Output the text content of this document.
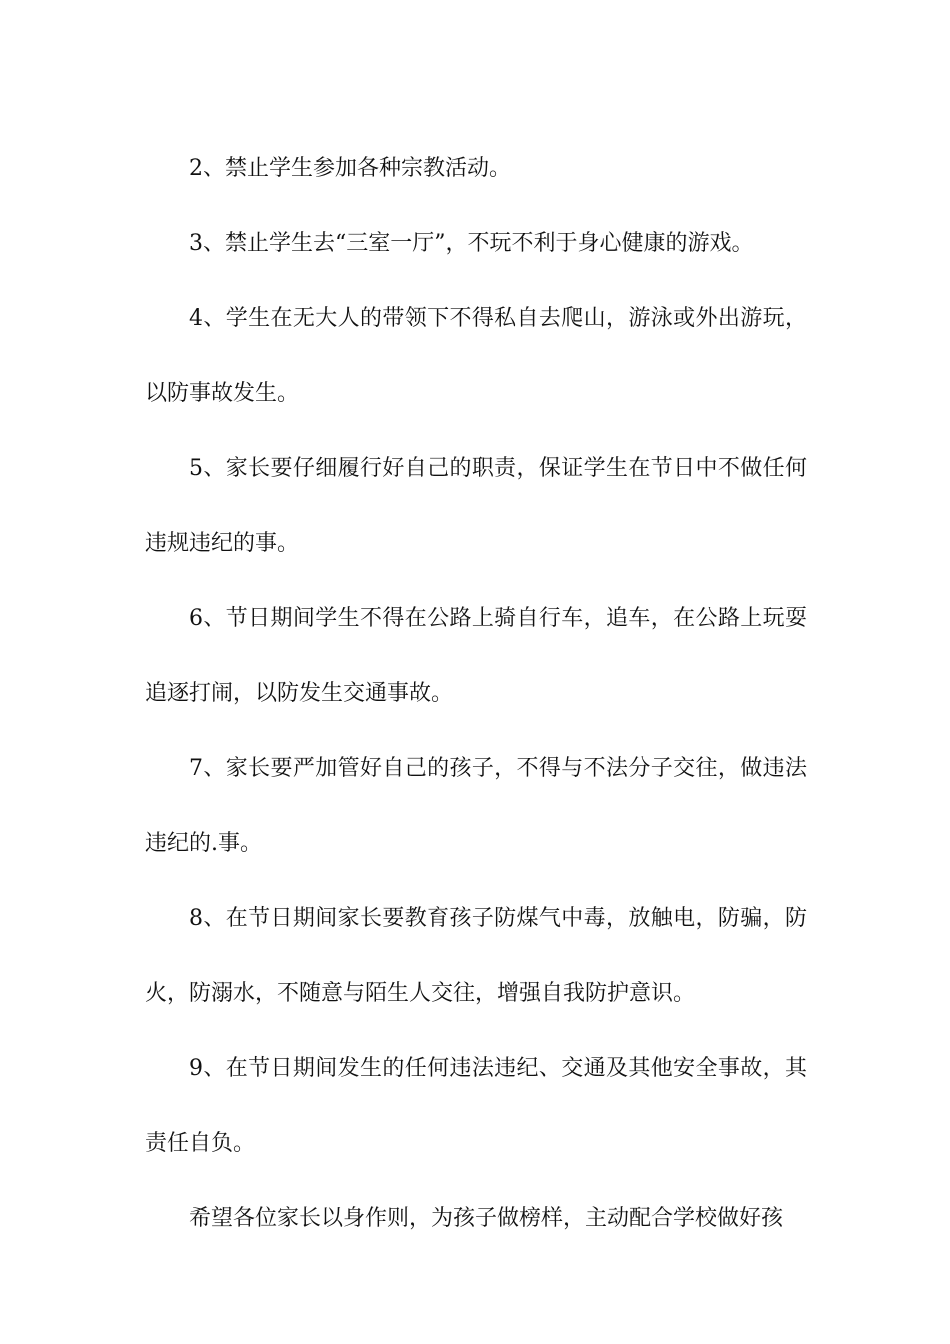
2、禁止学生参加各种宗教活动。

3、禁止学生去“三室一厅”，不玩不利于身心健康的游戏。

4、学生在无大人的带领下不得私自去爬山，游泳或外出游玩，以防事故发生。

5、家长要仔细履行好自己的职责，保证学生在节日中不做任何违规违纪的事。

6、节日期间学生不得在公路上骑自行车，追车，在公路上玩耍追逐打闹，以防发生交通事故。

7、家长要严加管好自己的孩子，不得与不法分子交往，做违法违纪的.事。

8、在节日期间家长要教育孩子防煤气中毒，放触电，防骗，防火，防溺水，不随意与陌生人交往，增强自我防护意识。

9、在节日期间发生的任何违法违纪、交通及其他安全事故，其责任自负。

希望各位家长以身作则，为孩子做榜样，主动配合学校做好孩
